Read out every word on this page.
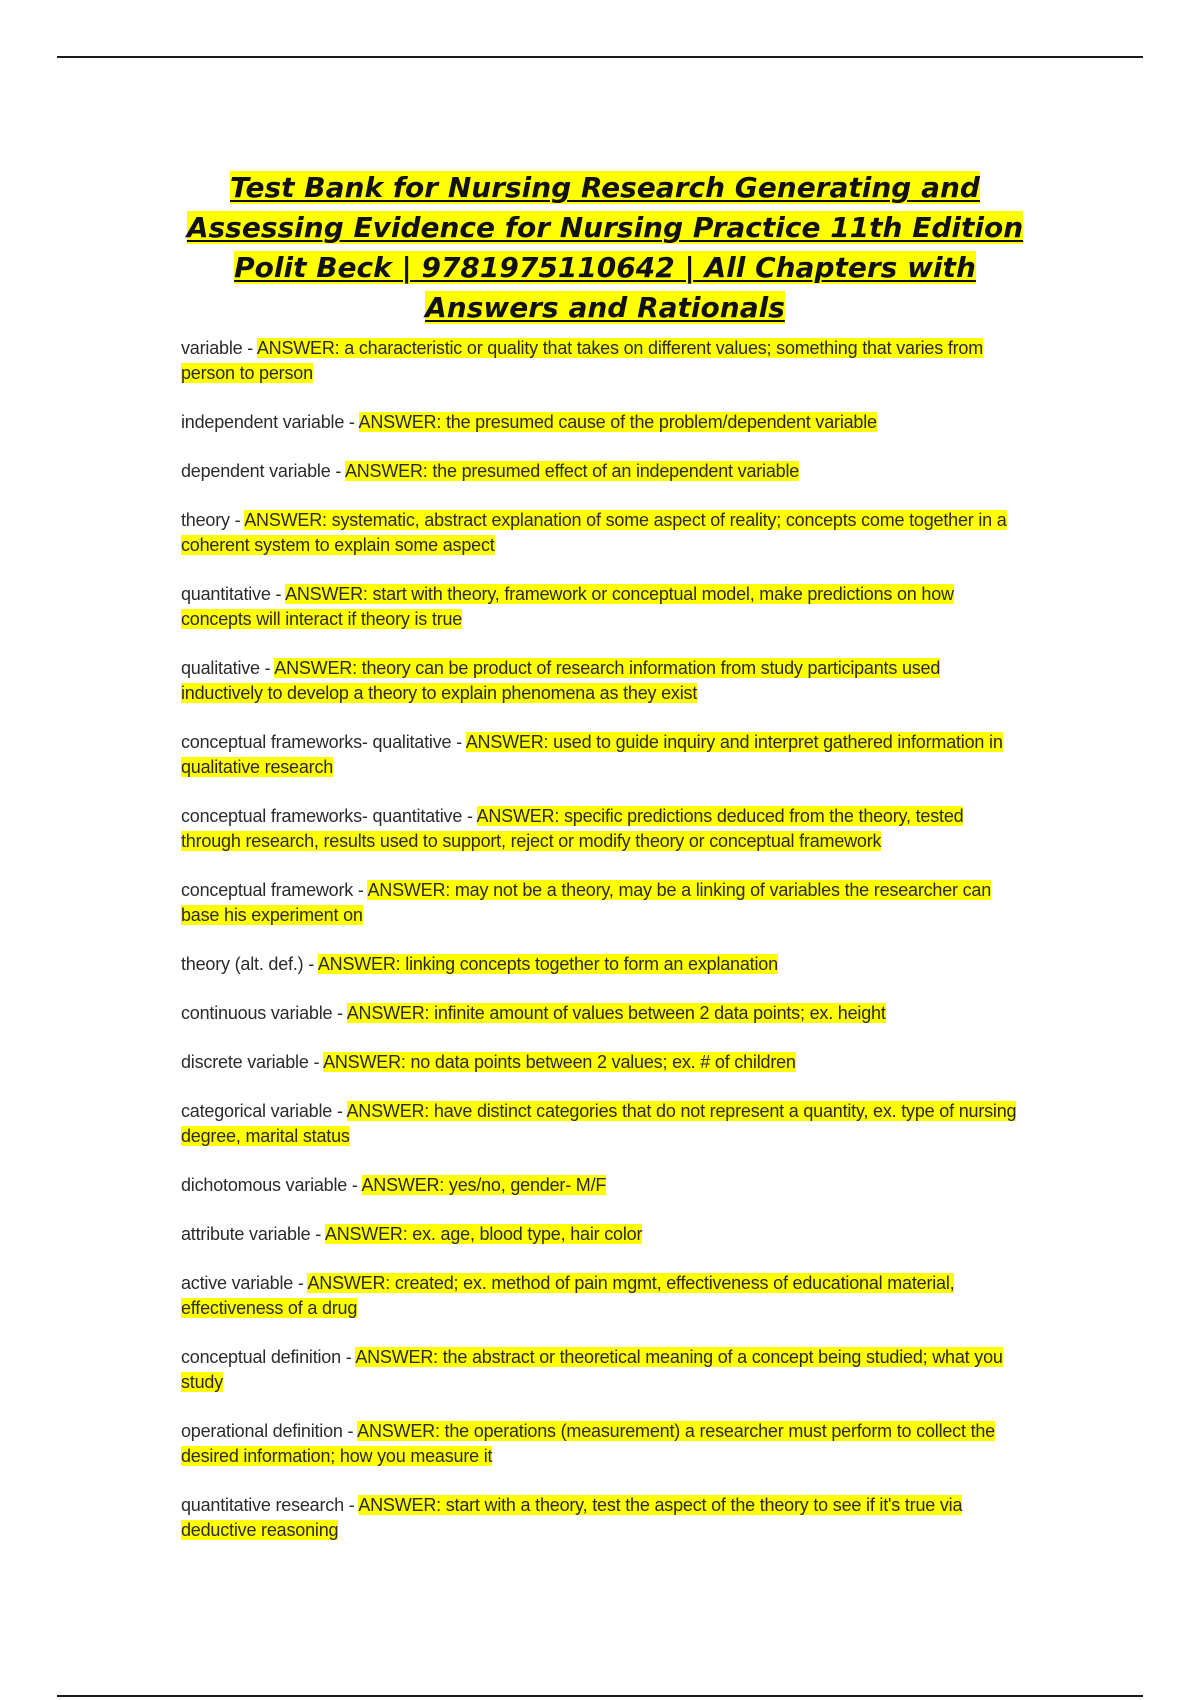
Test Bank for Nursing Research Generating and Assessing Evidence for Nursing Practice 11th Edition Polit Beck | 9781975110642 | All Chapters with Answers and Rationals
variable - ANSWER: a characteristic or quality that takes on different values; something that varies from person to person
independent variable - ANSWER: the presumed cause of the problem/dependent variable
dependent variable - ANSWER: the presumed effect of an independent variable
theory - ANSWER: systematic, abstract explanation of some aspect of reality; concepts come together in a coherent system to explain some aspect
quantitative - ANSWER: start with theory, framework or conceptual model, make predictions on how concepts will interact if theory is true
qualitative - ANSWER: theory can be product of research information from study participants used inductively to develop a theory to explain phenomena as they exist
conceptual frameworks- qualitative - ANSWER: used to guide inquiry and interpret gathered information in qualitative research
conceptual frameworks- quantitative - ANSWER: specific predictions deduced from the theory, tested through research, results used to support, reject or modify theory or conceptual framework
conceptual framework - ANSWER: may not be a theory, may be a linking of variables the researcher can base his experiment on
theory (alt. def.) - ANSWER: linking concepts together to form an explanation
continuous variable - ANSWER: infinite amount of values between 2 data points; ex. height
discrete variable - ANSWER: no data points between 2 values; ex. # of children
categorical variable - ANSWER: have distinct categories that do not represent a quantity, ex. type of nursing degree, marital status
dichotomous variable - ANSWER: yes/no, gender- M/F
attribute variable - ANSWER: ex. age, blood type, hair color
active variable - ANSWER: created; ex. method of pain mgmt, effectiveness of educational material, effectiveness of a drug
conceptual definition - ANSWER: the abstract or theoretical meaning of a concept being studied; what you study
operational definition - ANSWER: the operations (measurement) a researcher must perform to collect the desired information; how you measure it
quantitative research - ANSWER: start with a theory, test the aspect of the theory to see if it's true via deductive reasoning
